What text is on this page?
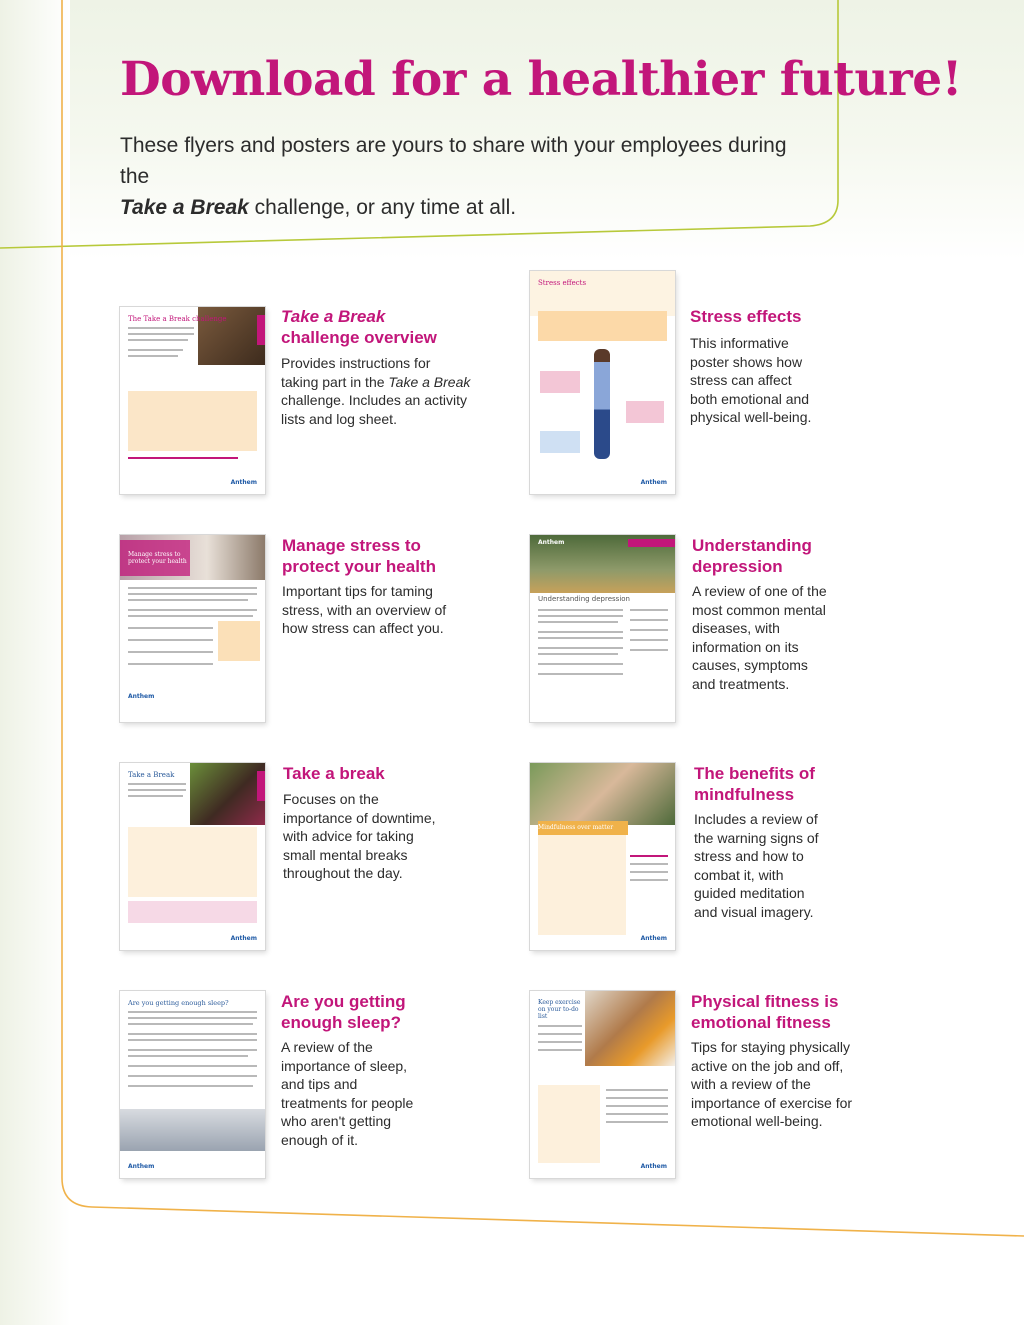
Download for a healthier future!

These flyers and posters are yours to share with your employees during the
Take a Break challenge, or any time at all.

The Take a Break challenge
Anthem

Take a Break
challenge overview

Provides instructions for taking part in the Take a Break challenge. Includes an activity lists and log sheet.

Stress effects
Anthem

Stress effects

This informative poster shows how stress can affect both emotional and physical well-being.

Manage stress to protect your health
Anthem

Manage stress to protect your health

Important tips for taming stress, with an overview of how stress can affect you.

Understanding depression
Anthem	Understanding depression

A review of one of the most common mental diseases, with information on its causes, symptoms and treatments.

Take a Break
Anthem

Take a break

Focuses on the importance of downtime, with advice for taking small mental breaks throughout the day.

Mindfulness over matter
Anthem

The benefits of mindfulness

Includes a review of the warning signs of stress and how to combat it, with guided meditation and visual imagery.

Are you getting enough sleep?
Anthem

Are you getting enough sleep?

A review of the importance of sleep, and tips and treatments for people who aren't getting enough of it.

Keep exercise on your to-do list
Anthem

Physical fitness is emotional fitness

Tips for staying physically active on the job and off, with a review of the importance of exercise for emotional well-being.
